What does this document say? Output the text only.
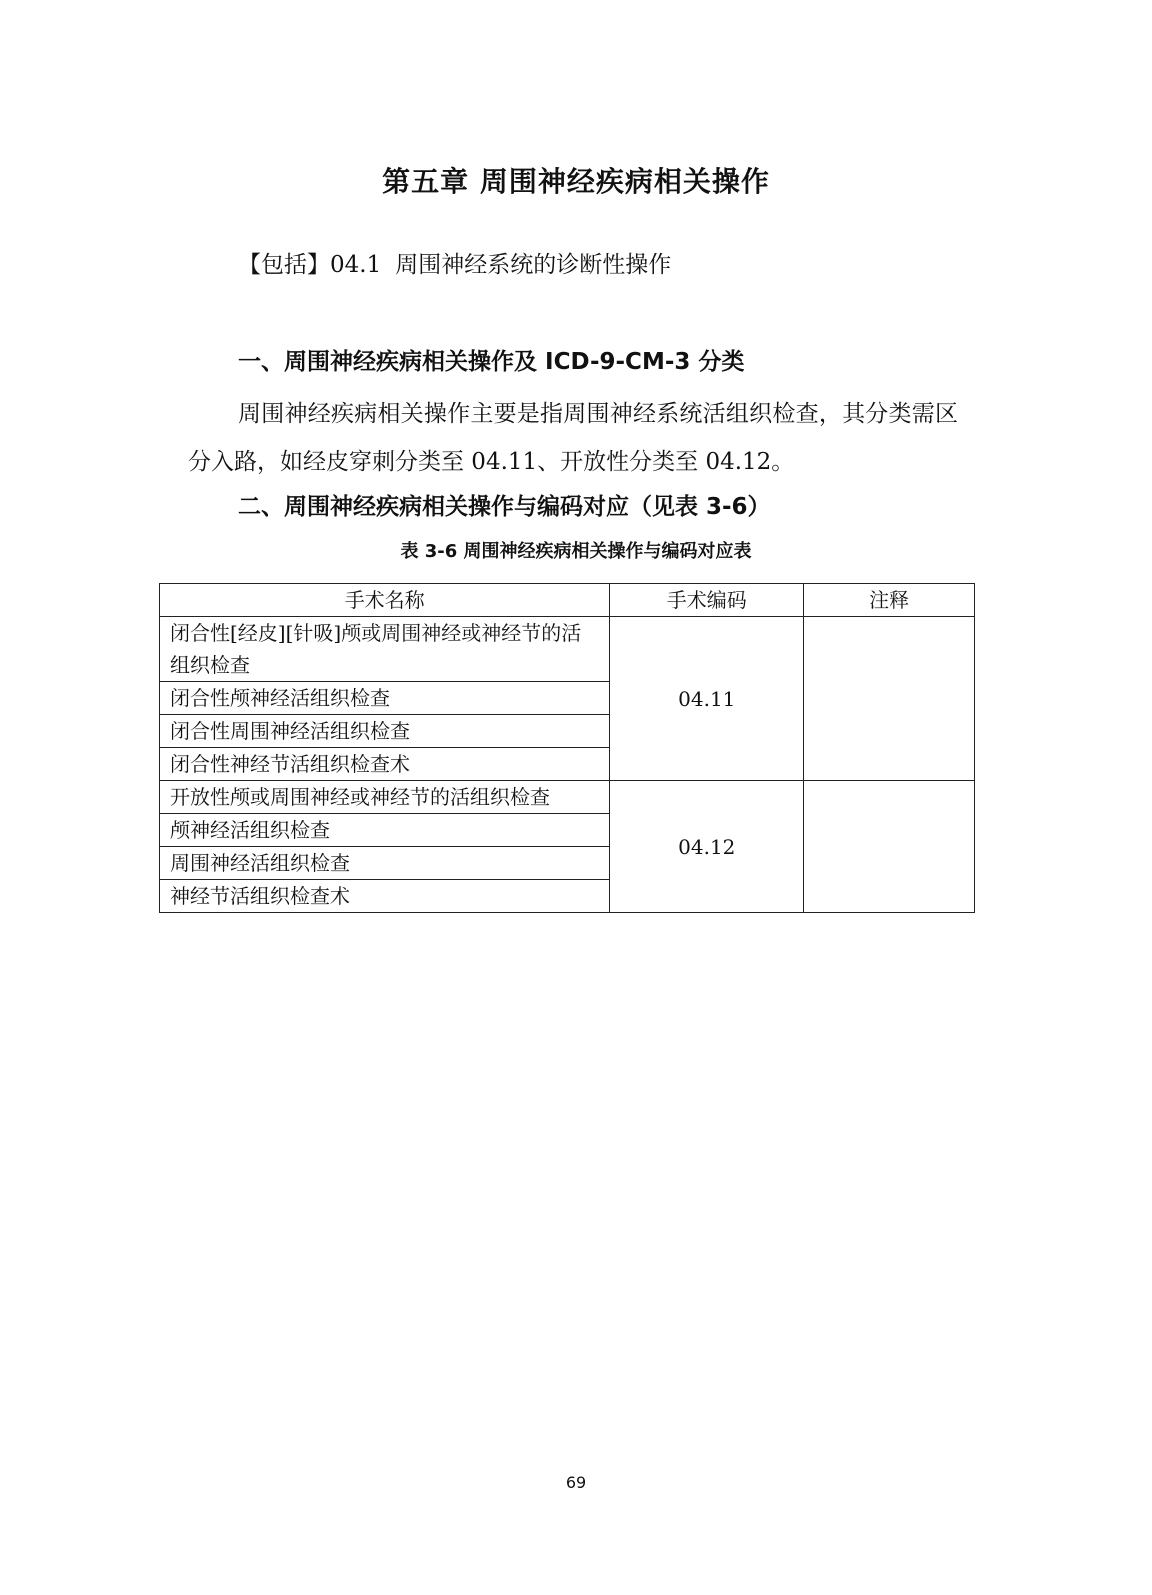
第五章 周围神经疾病相关操作
【包括】04.1 周围神经系统的诊断性操作
一、周围神经疾病相关操作及 ICD-9-CM-3 分类
周围神经疾病相关操作主要是指周围神经系统活组织检查，其分类需区分入路，如经皮穿刺分类至 04.11、开放性分类至 04.12。
二、周围神经疾病相关操作与编码对应（见表 3-6）
表 3-6 周围神经疾病相关操作与编码对应表
手术名称	手术编码	注释
闭合性[经皮][针吸]颅或周围神经或神经节的活组织检查	04.11	
闭合性颅神经活组织检查		
闭合性周围神经活组织检查		
闭合性神经节活组织检查术		
开放性颅或周围神经或神经节的活组织检查	04.12	
颅神经活组织检查		
周围神经活组织检查		
神经节活组织检查术		
69
